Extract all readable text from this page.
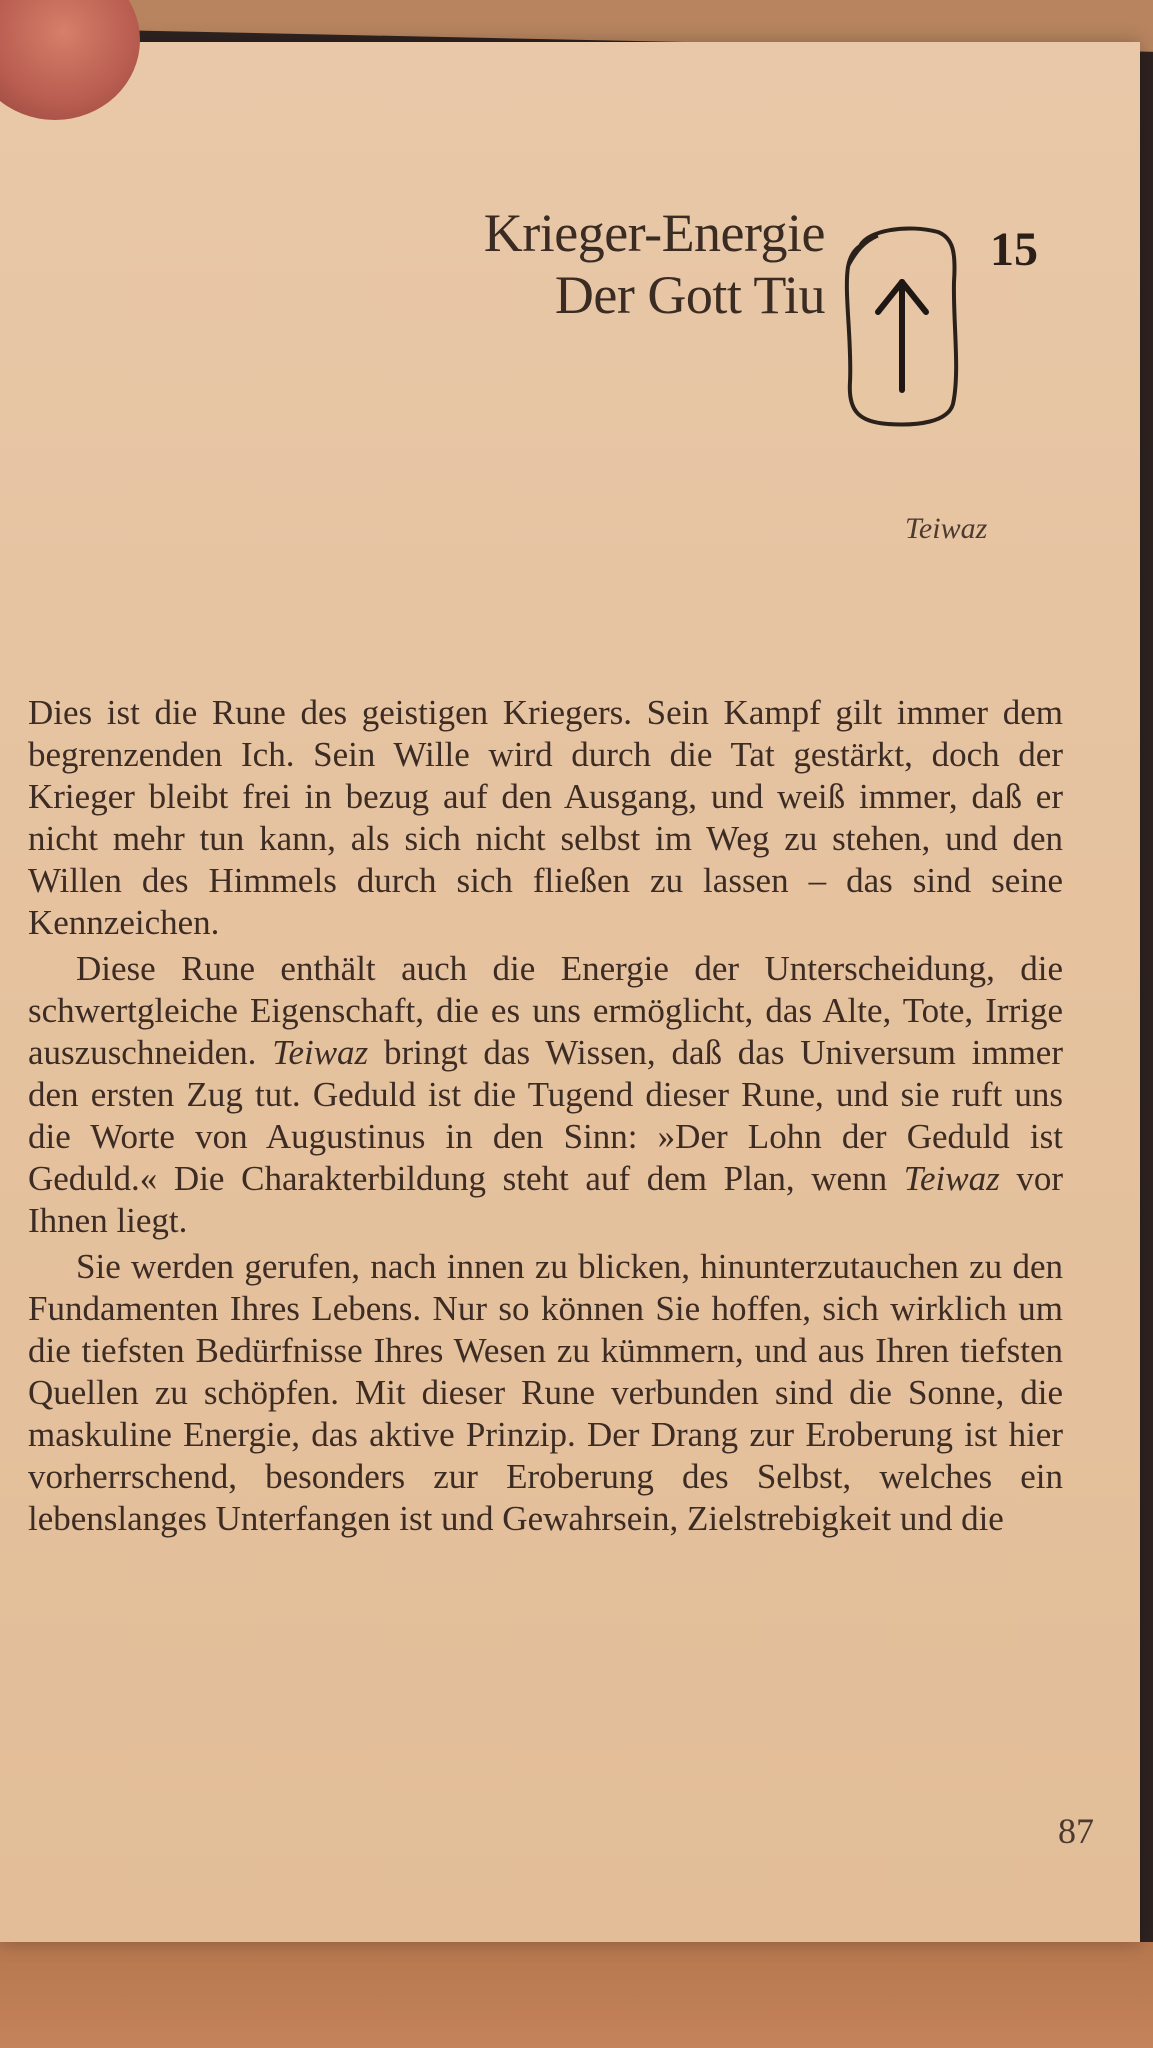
Krieger-Energie
Der Gott Tiu
15
Teiwaz

Dies ist die Rune des geistigen Kriegers. Sein Kampf gilt immer dem begrenzenden Ich. Sein Wille wird durch die Tat gestärkt, doch der Krieger bleibt frei in bezug auf den Ausgang, und weiß immer, daß er nicht mehr tun kann, als sich nicht selbst im Weg zu stehen, und den Willen des Himmels durch sich fließen zu lassen – das sind seine Kennzeichen.

Diese Rune enthält auch die Energie der Unterscheidung, die schwertgleiche Eigenschaft, die es uns ermöglicht, das Alte, Tote, Irrige auszuschneiden. Teiwaz bringt das Wissen, daß das Universum immer den ersten Zug tut. Geduld ist die Tugend dieser Rune, und sie ruft uns die Worte von Augustinus in den Sinn: »Der Lohn der Geduld ist Geduld.« Die Charakterbildung steht auf dem Plan, wenn Teiwaz vor Ihnen liegt.

Sie werden gerufen, nach innen zu blicken, hinunterzutauchen zu den Fundamenten Ihres Lebens. Nur so können Sie hoffen, sich wirklich um die tiefsten Bedürfnisse Ihres Wesen zu kümmern, und aus Ihren tiefsten Quellen zu schöpfen. Mit dieser Rune verbunden sind die Sonne, die maskuline Energie, das aktive Prinzip. Der Drang zur Eroberung ist hier vorherrschend, besonders zur Eroberung des Selbst, welches ein lebenslanges Unterfangen ist und Gewahrsein, Zielstrebigkeit und die

87
